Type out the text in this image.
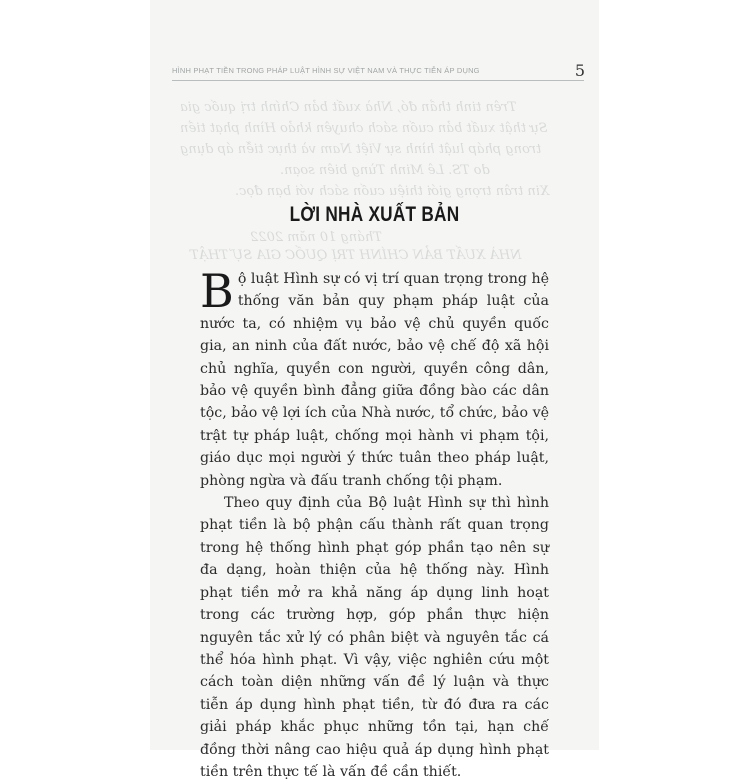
Trên tinh thần đó, Nhà xuất bản Chính trị quốc gia
Sự thật xuất bản cuốn sách chuyên khảo Hình phạt tiền
trong pháp luật hình sự Việt Nam và thực tiễn áp dụng
do TS. Lê Minh Tùng biên soạn.
Xin trân trọng giới thiệu cuốn sách với bạn đọc.
Tháng 10 năm 2022
NHÀ XUẤT BẢN CHÍNH TRỊ QUỐC GIA SỰ THẬT
HÌNH PHẠT TIỀN TRONG PHÁP LUẬT HÌNH SỰ VIỆT NAM VÀ THỰC TIỄN ÁP DỤNG	5
LỜI NHÀ XUẤT BẢN

Bộ luật Hình sự có vị trí quan trọng trong hệ thống văn bản quy phạm pháp luật của nước ta, có nhiệm vụ bảo vệ chủ quyền quốc gia, an ninh của đất nước, bảo vệ chế độ xã hội chủ nghĩa, quyền con người, quyền công dân, bảo vệ quyền bình đẳng giữa đồng bào các dân tộc, bảo vệ lợi ích của Nhà nước, tổ chức, bảo vệ trật tự pháp luật, chống mọi hành vi phạm tội, giáo dục mọi người ý thức tuân theo pháp luật, phòng ngừa và đấu tranh chống tội phạm.

Theo quy định của Bộ luật Hình sự thì hình phạt tiền là bộ phận cấu thành rất quan trọng trong hệ thống hình phạt góp phần tạo nên sự đa dạng, hoàn thiện của hệ thống này. Hình phạt tiền mở ra khả năng áp dụng linh hoạt trong các trường hợp, góp phần thực hiện nguyên tắc xử lý có phân biệt và nguyên tắc cá thể hóa hình phạt. Vì vậy, việc nghiên cứu một cách toàn diện những vấn đề lý luận và thực tiễn áp dụng hình phạt tiền, từ đó đưa ra các giải pháp khắc phục những tồn tại, hạn chế đồng thời nâng cao hiệu quả áp dụng hình phạt tiền trên thực tế là vấn đề cần thiết.
